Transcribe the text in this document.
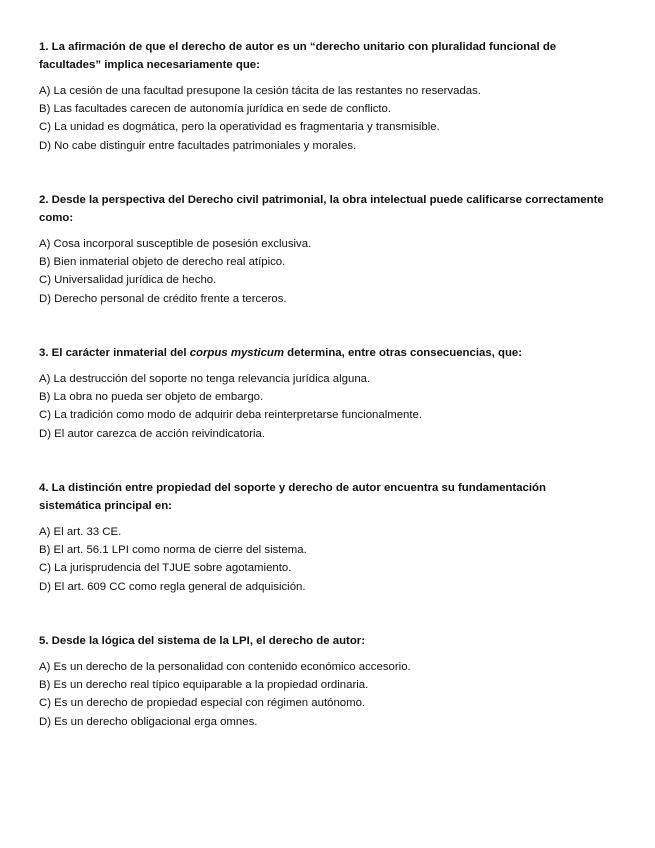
1. La afirmación de que el derecho de autor es un “derecho unitario con pluralidad funcional de facultades” implica necesariamente que:

A) La cesión de una facultad presupone la cesión tácita de las restantes no reservadas.

B) Las facultades carecen de autonomía jurídica en sede de conflicto.

C) La unidad es dogmática, pero la operatividad es fragmentaria y transmisible.

D) No cabe distinguir entre facultades patrimoniales y morales.

2. Desde la perspectiva del Derecho civil patrimonial, la obra intelectual puede calificarse correctamente como:

A) Cosa incorporal susceptible de posesión exclusiva.

B) Bien inmaterial objeto de derecho real atípico.

C) Universalidad jurídica de hecho.

D) Derecho personal de crédito frente a terceros.

3. El carácter inmaterial del corpus mysticum determina, entre otras consecuencias, que:

A) La destrucción del soporte no tenga relevancia jurídica alguna.

B) La obra no pueda ser objeto de embargo.

C) La tradición como modo de adquirir deba reinterpretarse funcionalmente.

D) El autor carezca de acción reivindicatoria.

4. La distinción entre propiedad del soporte y derecho de autor encuentra su fundamentación sistemática principal en:

A) El art. 33 CE.

B) El art. 56.1 LPI como norma de cierre del sistema.

C) La jurisprudencia del TJUE sobre agotamiento.

D) El art. 609 CC como regla general de adquisición.

5. Desde la lógica del sistema de la LPI, el derecho de autor:

A) Es un derecho de la personalidad con contenido económico accesorio.

B) Es un derecho real típico equiparable a la propiedad ordinaria.

C) Es un derecho de propiedad especial con régimen autónomo.

D) Es un derecho obligacional erga omnes.
